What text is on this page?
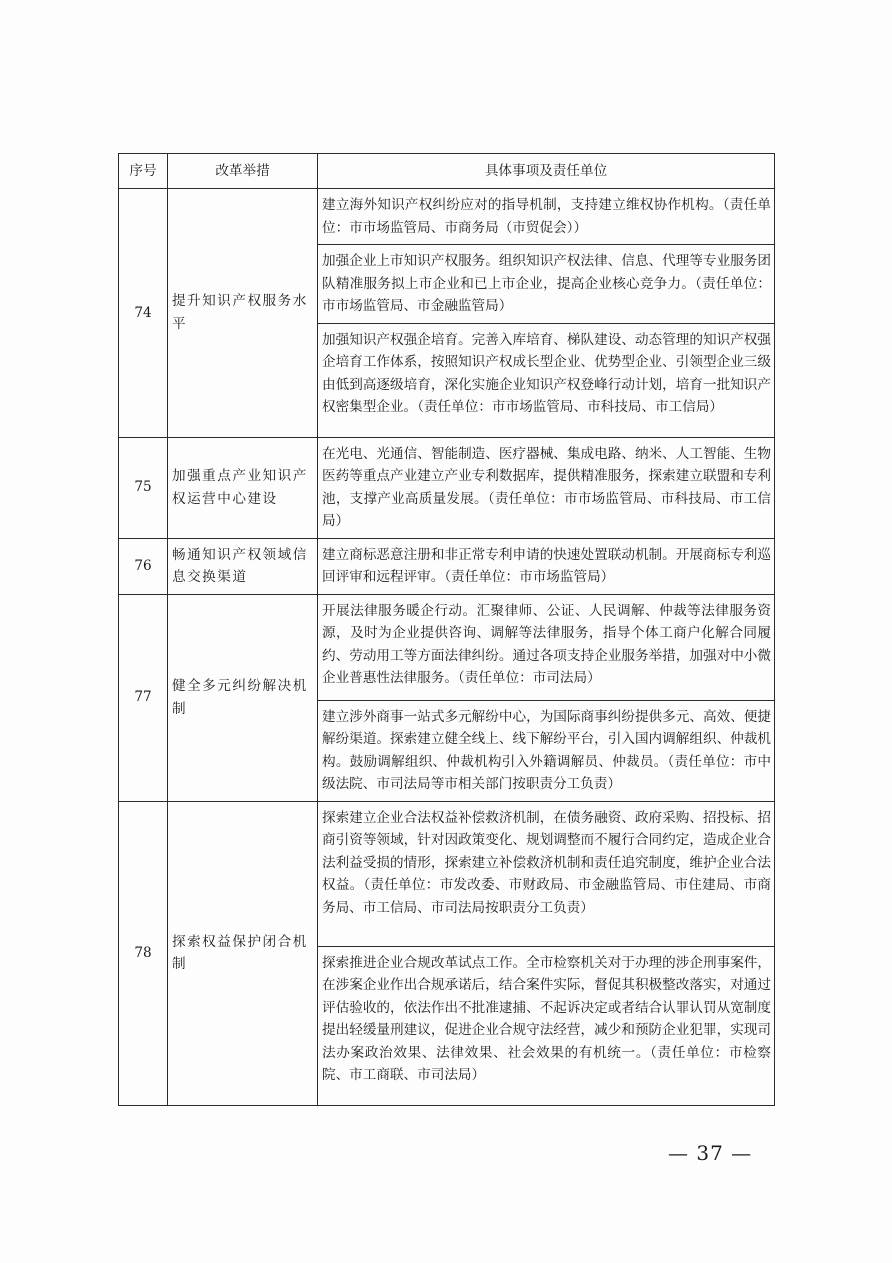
序号	改革举措	具体事项及责任单位
74	提升知识产权服务水平	建立海外知识产权纠纷应对的指导机制，支持建立维权协作机构。（责任单位：市市场监管局、市商务局（市贸促会））
		加强企业上市知识产权服务。组织知识产权法律、信息、代理等专业服务团队精准服务拟上市企业和已上市企业，提高企业核心竞争力。（责任单位：市市场监管局、市金融监管局）
		加强知识产权强企培育。完善入库培育、梯队建设、动态管理的知识产权强企培育工作体系，按照知识产权成长型企业、优势型企业、引领型企业三级由低到高逐级培育，深化实施企业知识产权登峰行动计划，培育一批知识产权密集型企业。（责任单位：市市场监管局、市科技局、市工信局）
75	加强重点产业知识产权运营中心建设	在光电、光通信、智能制造、医疗器械、集成电路、纳米、人工智能、生物医药等重点产业建立产业专利数据库，提供精准服务，探索建立联盟和专利池，支撑产业高质量发展。（责任单位：市市场监管局、市科技局、市工信局）
76	畅通知识产权领域信息交换渠道	建立商标恶意注册和非正常专利申请的快速处置联动机制。开展商标专利巡回评审和远程评审。（责任单位：市市场监管局）
77	健全多元纠纷解决机制	开展法律服务暖企行动。汇聚律师、公证、人民调解、仲裁等法律服务资源，及时为企业提供咨询、调解等法律服务，指导个体工商户化解合同履约、劳动用工等方面法律纠纷。通过各项支持企业服务举措，加强对中小微企业普惠性法律服务。（责任单位：市司法局）
		建立涉外商事一站式多元解纷中心，为国际商事纠纷提供多元、高效、便捷解纷渠道。探索建立健全线上、线下解纷平台，引入国内调解组织、仲裁机构。鼓励调解组织、仲裁机构引入外籍调解员、仲裁员。（责任单位：市中级法院、市司法局等市相关部门按职责分工负责）
78	探索权益保护闭合机制	探索建立企业合法权益补偿救济机制，在债务融资、政府采购、招投标、招商引资等领域，针对因政策变化、规划调整而不履行合同约定，造成企业合法利益受损的情形，探索建立补偿救济机制和责任追究制度，维护企业合法权益。（责任单位：市发改委、市财政局、市金融监管局、市住建局、市商务局、市工信局、市司法局按职责分工负责）
		探索推进企业合规改革试点工作。全市检察机关对于办理的涉企刑事案件，在涉案企业作出合规承诺后，结合案件实际，督促其积极整改落实，对通过评估验收的，依法作出不批准逮捕、不起诉决定或者结合认罪认罚从宽制度提出轻缓量刑建议，促进企业合规守法经营，减少和预防企业犯罪，实现司法办案政治效果、法律效果、社会效果的有机统一。（责任单位：市检察院、市工商联、市司法局）
— 37 —
